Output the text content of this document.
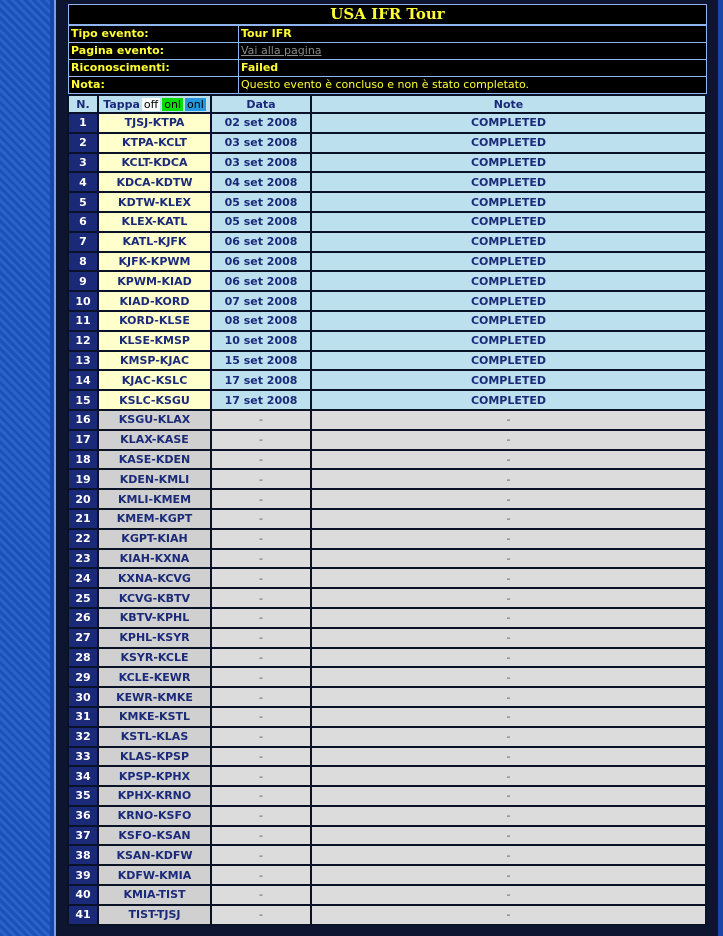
USA IFR Tour
Tipo evento:	Tour IFR
Pagina evento:	Vai alla pagina
Riconoscimenti:	Failed
Nota:	Questo evento è concluso e non è stato completato.
N.	Tappa off onl onl	Data	Note
1	TJSJ-KTPA	02 set 2008	COMPLETED
2	KTPA-KCLT	03 set 2008	COMPLETED
3	KCLT-KDCA	03 set 2008	COMPLETED
4	KDCA-KDTW	04 set 2008	COMPLETED
5	KDTW-KLEX	05 set 2008	COMPLETED
6	KLEX-KATL	05 set 2008	COMPLETED
7	KATL-KJFK	06 set 2008	COMPLETED
8	KJFK-KPWM	06 set 2008	COMPLETED
9	KPWM-KIAD	06 set 2008	COMPLETED
10	KIAD-KORD	07 set 2008	COMPLETED
11	KORD-KLSE	08 set 2008	COMPLETED
12	KLSE-KMSP	10 set 2008	COMPLETED
13	KMSP-KJAC	15 set 2008	COMPLETED
14	KJAC-KSLC	17 set 2008	COMPLETED
15	KSLC-KSGU	17 set 2008	COMPLETED
16	KSGU-KLAX	-	-
17	KLAX-KASE	-	-
18	KASE-KDEN	-	-
19	KDEN-KMLI	-	-
20	KMLI-KMEM	-	-
21	KMEM-KGPT	-	-
22	KGPT-KIAH	-	-
23	KIAH-KXNA	-	-
24	KXNA-KCVG	-	-
25	KCVG-KBTV	-	-
26	KBTV-KPHL	-	-
27	KPHL-KSYR	-	-
28	KSYR-KCLE	-	-
29	KCLE-KEWR	-	-
30	KEWR-KMKE	-	-
31	KMKE-KSTL	-	-
32	KSTL-KLAS	-	-
33	KLAS-KPSP	-	-
34	KPSP-KPHX	-	-
35	KPHX-KRNO	-	-
36	KRNO-KSFO	-	-
37	KSFO-KSAN	-	-
38	KSAN-KDFW	-	-
39	KDFW-KMIA	-	-
40	KMIA-TIST	-	-
41	TIST-TJSJ	-	-
